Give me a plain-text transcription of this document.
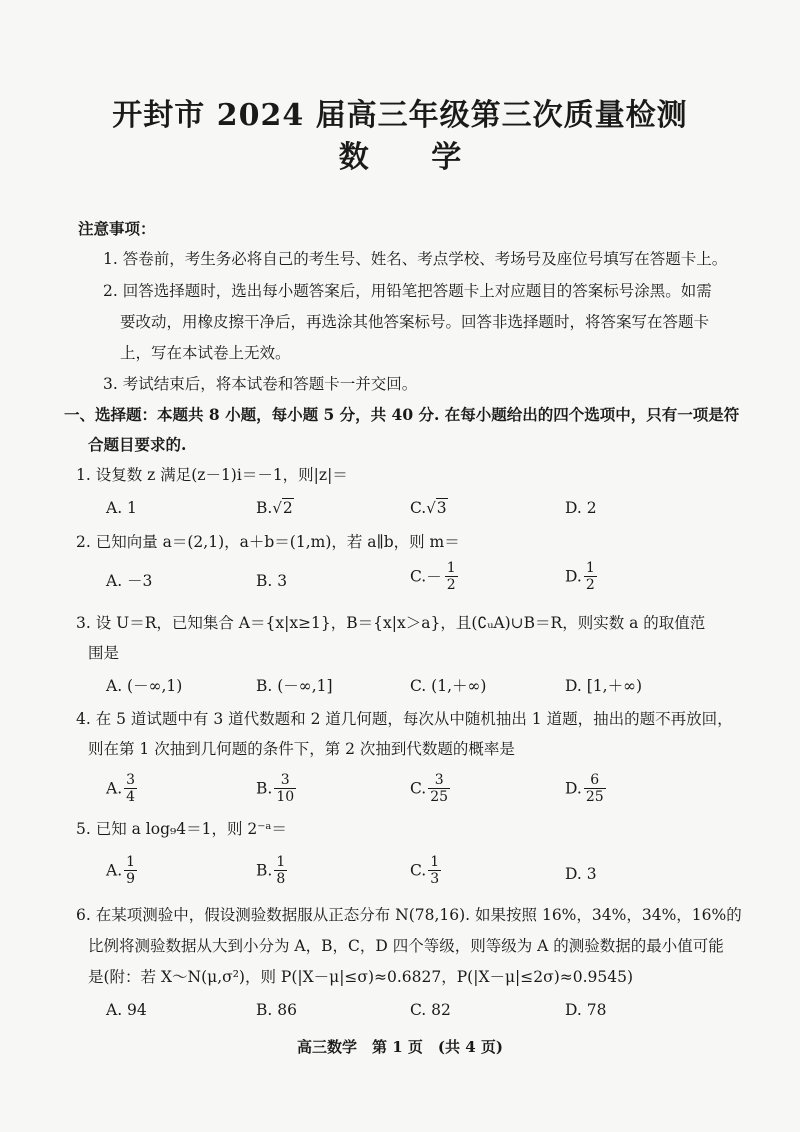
开封市 2024 届高三年级第三次质量检测
数 学
注意事项：
1. 答卷前，考生务必将自己的考生号、姓名、考点学校、考场号及座位号填写在答题卡上。
2. 回答选择题时，选出每小题答案后，用铅笔把答题卡上对应题目的答案标号涂黑。如需
要改动，用橡皮擦干净后，再选涂其他答案标号。回答非选择题时，将答案写在答题卡
上，写在本试卷上无效。
3. 考试结束后，将本试卷和答题卡一并交回。
一、选择题：本题共 8 小题，每小题 5 分，共 40 分. 在每小题给出的四个选项中，只有一项是符
合题目要求的.
1. 设复数 z 满足(z－1)i＝－1，则|z|＝
A. 1	B.√2	C.√3	D. 2
2. 已知向量 a＝(2,1)，a＋b＝(1,m)，若 a∥b，则 m＝
A. －3	B. 3	$C.- \frac{1}{2}$	D. $\frac{1}{2}$
3. 设 U＝R，已知集合 A＝{x|x≥1}，B＝{x|x＞a}，且(∁ᵤA)∪B＝R，则实数 a 的取值范
围是
A. (－∞,1)	B. (－∞,1]	C. (1,＋∞)	D. [1,＋∞)
4. 在 5 道试题中有 3 道代数题和 2 道几何题，每次从中随机抽出 1 道题，抽出的题不再放回，
则在第 1 次抽到几何题的条件下，第 2 次抽到代数题的概率是
A. $\frac{3}{4}$	B. $\frac{3}{10}$	C. $\frac{3}{25}$	D. $\frac{6}{25}$
5. 已知 a log₉4＝1，则 2⁻ᵃ＝
A. $\frac{1}{9}$	B. $\frac{1}{8}$	C. $\frac{1}{3}$	D. 3
6. 在某项测验中，假设测验数据服从正态分布 N(78,16). 如果按照 16%，34%，34%，16%的
比例将测验数据从大到小分为 A，B，C，D 四个等级，则等级为 A 的测验数据的最小值可能
是(附：若 X～N(μ,σ²)，则 P(|X－μ|≤σ)≈0.6827，P(|X－μ|≤2σ)≈0.9545)
A. 94	B. 86	C. 82	D. 78
高三数学　第 1 页　(共 4 页)
